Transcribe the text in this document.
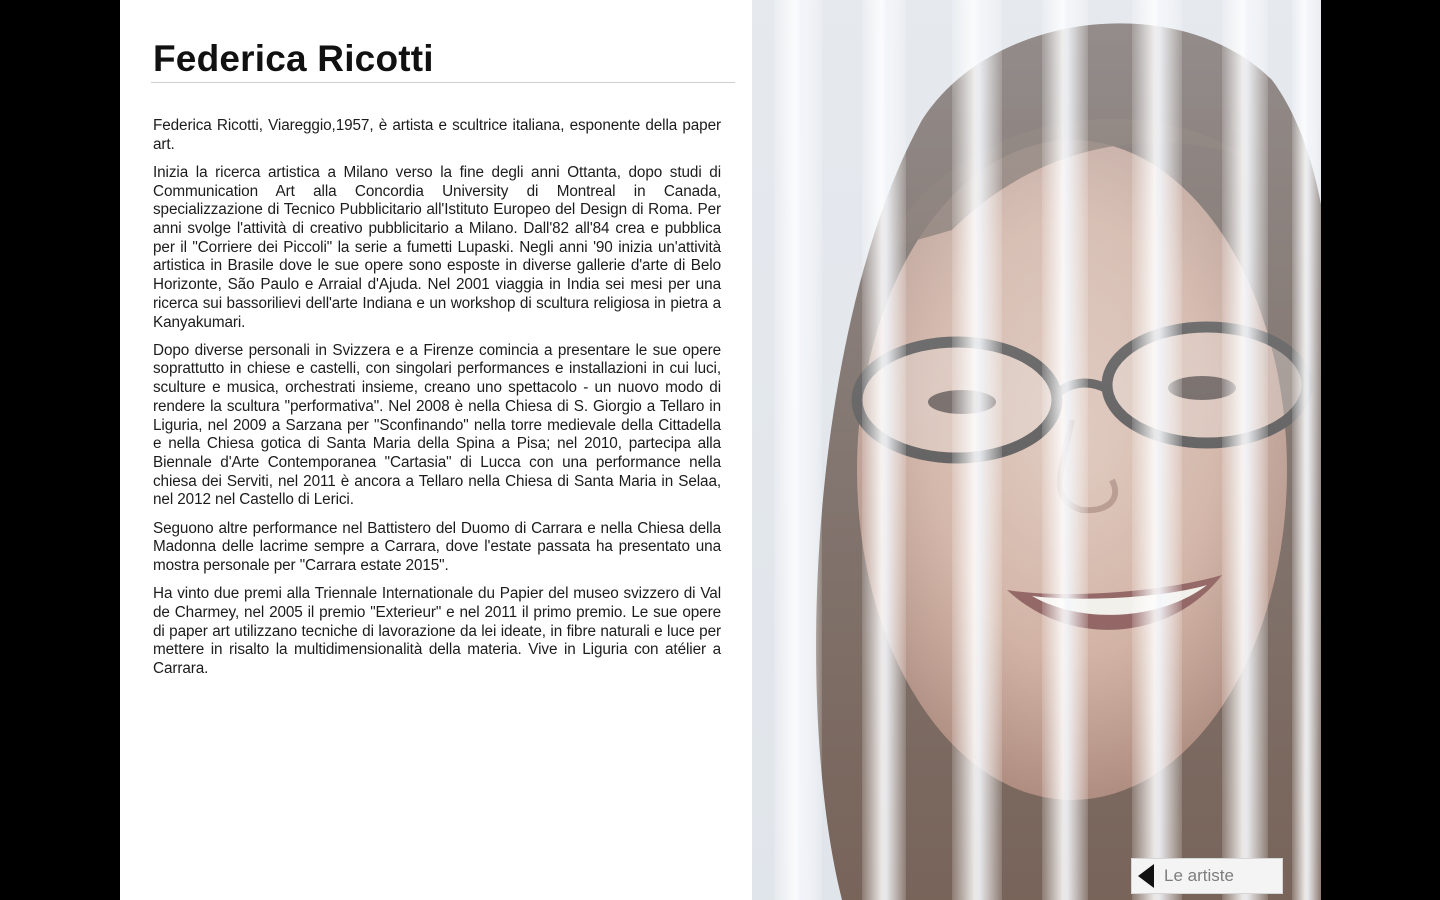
Federica Ricotti

Federica Ricotti, Viareggio,1957, è artista e scultrice italiana, esponente della paper art.

Inizia la ricerca artistica a Milano verso la fine degli anni Ottanta, dopo studi di Communication Art alla Concordia University di Montreal in Canada, specializzazione di Tecnico Pubblicitario all'Istituto Europeo del Design di Roma. Per anni svolge l'attività di creativo pubblicitario a Milano. Dall'82 all'84 crea e pubblica per il "Corriere dei Piccoli" la serie a fumetti Lupaski. Negli anni '90 inizia un'attività artistica in Brasile dove le sue opere sono esposte in diverse gallerie d'arte di Belo Horizonte, São Paulo e Arraial d'Ajuda. Nel 2001 viaggia in India sei mesi per una ricerca sui bassorilievi dell'arte Indiana e un workshop di scultura religiosa in pietra a Kanyakumari.

Dopo diverse personali in Svizzera e a Firenze comincia a presentare le sue opere soprattutto in chiese e castelli, con singolari performances e installazioni in cui luci, sculture e musica, orchestrati insieme, creano uno spettacolo - un nuovo modo di rendere la scultura "performativa". Nel 2008 è nella Chiesa di S. Giorgio a Tellaro in Liguria, nel 2009 a Sarzana per "Sconfinando" nella torre medievale della Cittadella e nella Chiesa gotica di Santa Maria della Spina a Pisa; nel 2010, partecipa alla Biennale d'Arte Contemporanea "Cartasia" di Lucca con una performance nella chiesa dei Serviti, nel 2011 è ancora a Tellaro nella Chiesa di Santa Maria in Selaa, nel 2012 nel Castello di Lerici.

Seguono altre performance nel Battistero del Duomo di Carrara e nella Chiesa della Madonna delle lacrime sempre a Carrara, dove l'estate passata ha presentato una mostra personale per "Carrara estate 2015".

Ha vinto due premi alla Triennale Internationale du Papier del museo svizzero di Val de Charmey, nel 2005 il premio "Exterieur" e nel 2011 il primo premio. Le sue opere di paper art utilizzano tecniche di lavorazione da lei ideate, in fibre naturali e luce per mettere in risalto la multidimensionalità della materia. Vive in Liguria con atélier a Carrara.

Le artiste
